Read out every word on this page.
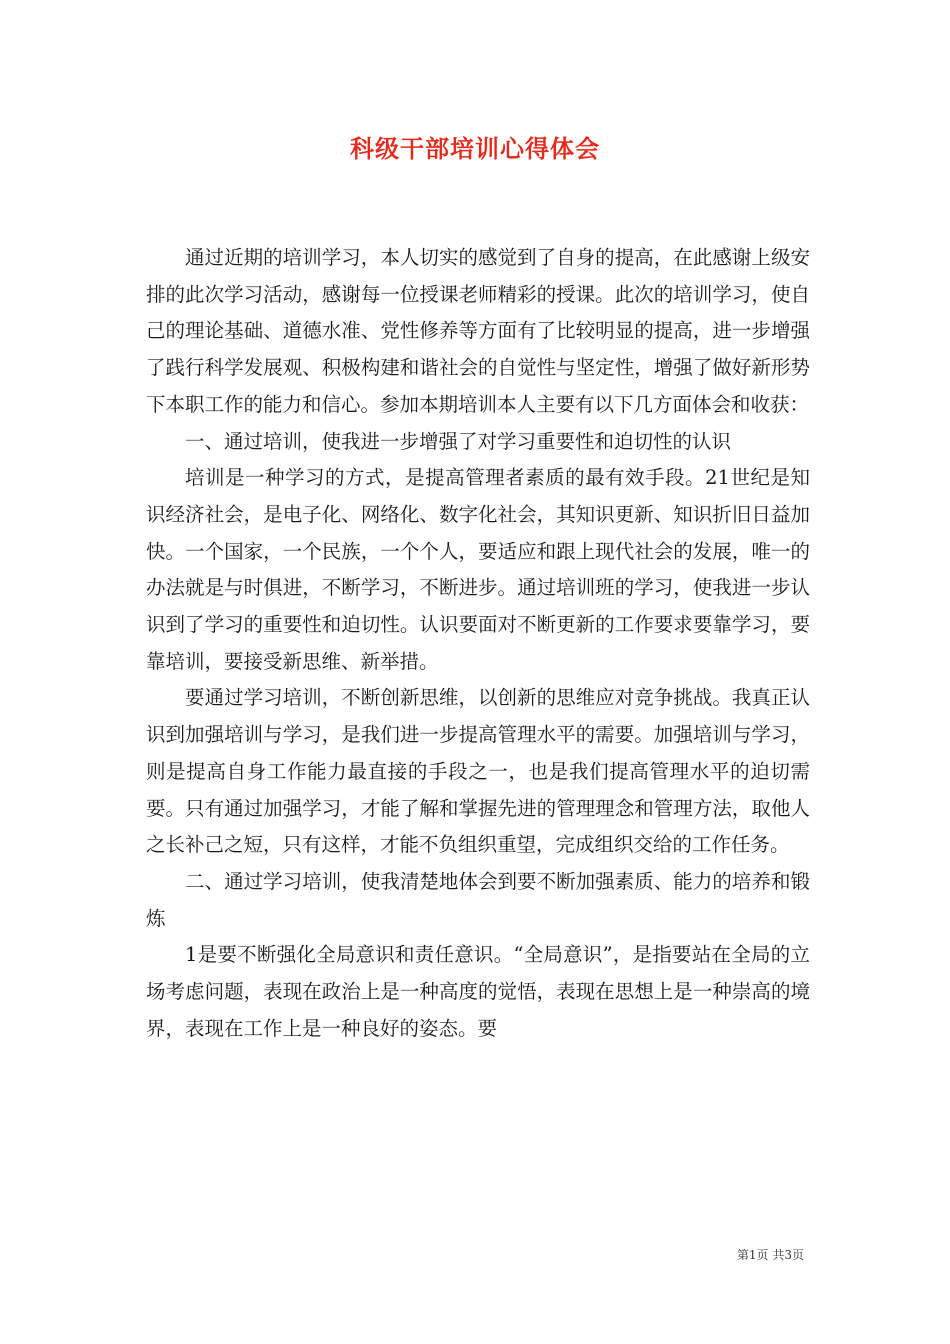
科级干部培训心得体会

通过近期的培训学习，本人切实的感觉到了自身的提高，在此感谢上级安排的此次学习活动，感谢每一位授课老师精彩的授课。此次的培训学习，使自己的理论基础、道德水准、党性修养等方面有了比较明显的提高，进一步增强了践行科学发展观、积极构建和谐社会的自觉性与坚定性，增强了做好新形势下本职工作的能力和信心。参加本期培训本人主要有以下几方面体会和收获：

一、通过培训，使我进一步增强了对学习重要性和迫切性的认识

培训是一种学习的方式，是提高管理者素质的最有效手段。21世纪是知识经济社会，是电子化、网络化、数字化社会，其知识更新、知识折旧日益加快。一个国家，一个民族，一个个人，要适应和跟上现代社会的发展，唯一的办法就是与时俱进，不断学习，不断进步。通过培训班的学习，使我进一步认识到了学习的重要性和迫切性。认识要面对不断更新的工作要求要靠学习，要靠培训，要接受新思维、新举措。

要通过学习培训，不断创新思维，以创新的思维应对竞争挑战。我真正认识到加强培训与学习，是我们进一步提高管理水平的需要。加强培训与学习，则是提高自身工作能力最直接的手段之一，也是我们提高管理水平的迫切需要。只有通过加强学习，才能了解和掌握先进的管理理念和管理方法，取他人之长补己之短，只有这样，才能不负组织重望，完成组织交给的工作任务。

二、通过学习培训，使我清楚地体会到要不断加强素质、能力的培养和锻炼

1是要不断强化全局意识和责任意识。“全局意识”，是指要站在全局的立场考虑问题，表现在政治上是一种高度的觉悟，表现在思想上是一种崇高的境界，表现在工作上是一种良好的姿态。要

第1页 共3页
